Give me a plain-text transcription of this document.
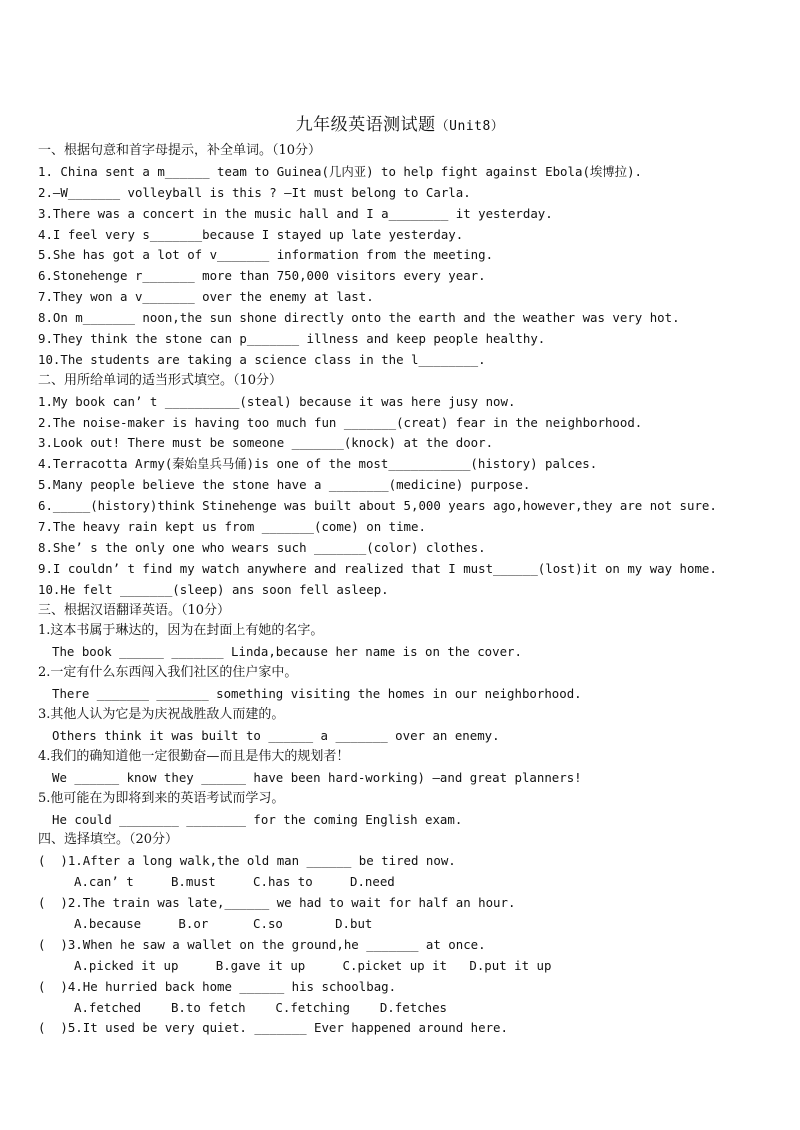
九年级英语测试题（Unit8）
一、根据句意和首字母提示，补全单词。（10分）
1. China sent a m______ team to Guinea(几内亚) to help fight against Ebola(埃博拉).
2.—W_______ volleyball is this ? —It must belong to Carla.
3.There was a concert in the music hall and I a________ it yesterday.
4.I feel very s_______because I stayed up late yesterday.
5.She has got a lot of v_______ information from the meeting.
6.Stonehenge r_______ more than 750,000 visitors every year.
7.They won a v_______ over the enemy at last.
8.On m_______ noon,the sun shone directly onto the earth and the weather was very hot.
9.They think the stone can p_______ illness and keep people healthy.
10.The students are taking a science class in the l________.
二、用所给单词的适当形式填空。（10分）
1.My book can’ t __________(steal) because it was here jusy now.
2.The noise-maker is having too much fun _______(creat) fear in the neighborhood.
3.Look out! There must be someone _______(knock) at the door.
4.Terracotta Army(秦始皇兵马俑)is one of the most___________(history) palces.
5.Many people believe the stone have a ________(medicine) purpose.
6._____(history)think Stinehenge was built about 5,000 years ago,however,they are not sure.
7.The heavy rain kept us from _______(come) on time.
8.She’ s the only one who wears such _______(color) clothes.
9.I couldn’ t find my watch anywhere and realized that I must______(lost)it on my way home.
10.He felt _______(sleep) ans soon fell asleep.
三、根据汉语翻译英语。（10分）
1.这本书属于琳达的，因为在封面上有她的名字。
The book ______ _______ Linda,because her name is on the cover.
2.一定有什么东西闯入我们社区的住户家中。
There _______ _______ something visiting the homes in our neighborhood.
3.其他人认为它是为庆祝战胜敌人而建的。
Others think it was built to ______ a _______ over an enemy.
4.我们的确知道他一定很勤奋—而且是伟大的规划者！
We ______ know they ______ have been hard-working) —and great planners!
5.他可能在为即将到来的英语考试而学习。
He could ________ ________ for the coming English exam.
四、选择填空。（20分）
(  )1.After a long walk,the old man ______ be tired now.
A.can’ t     B.must     C.has to     D.need
(  )2.The train was late,______ we had to wait for half an hour.
A.because     B.or      C.so       D.but
(  )3.When he saw a wallet on the ground,he _______ at once.
A.picked it up     B.gave it up     C.picket up it   D.put it up
(  )4.He hurried back home ______ his schoolbag.
A.fetched    B.to fetch    C.fetching    D.fetches
(  )5.It used be very quiet. _______ Ever happened around here.
